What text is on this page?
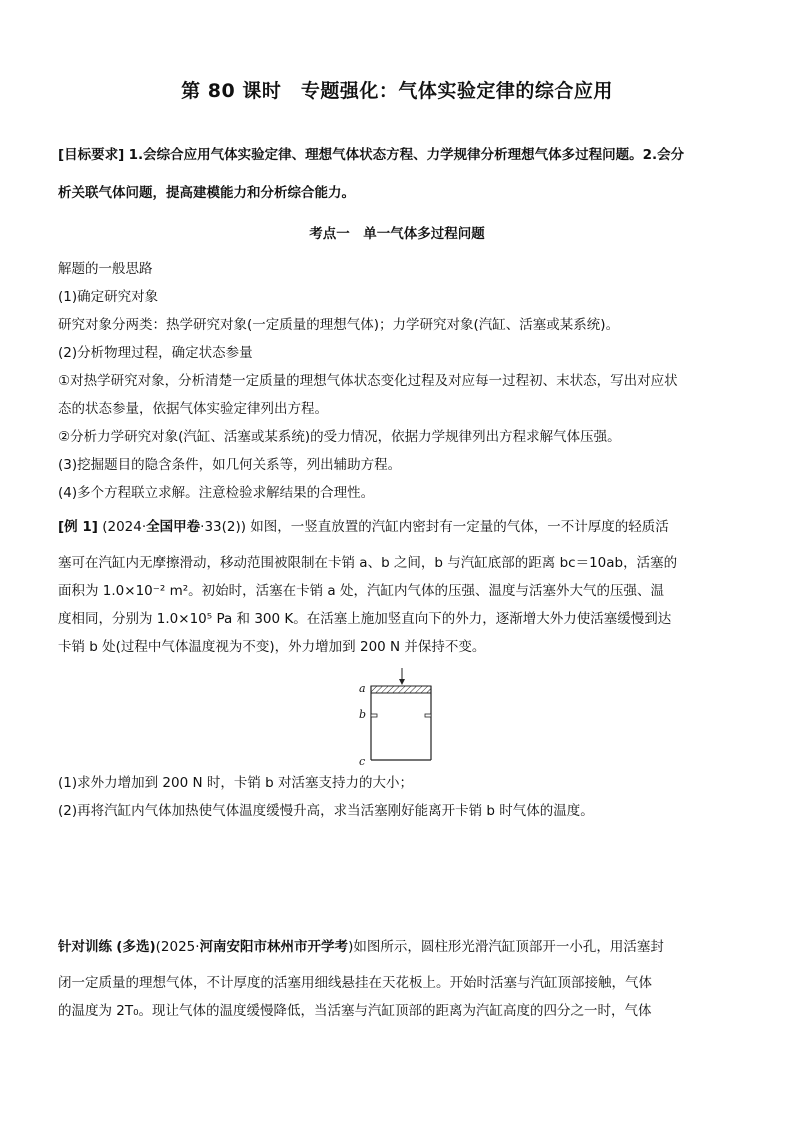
第 80 课时　专题强化：气体实验定律的综合应用
[目标要求] 1.会综合应用气体实验定律、理想气体状态方程、力学规律分析理想气体多过程问题。2.会分
析关联气体问题，提高建模能力和分析综合能力。
考点一　单一气体多过程问题
解题的一般思路
(1)确定研究对象
研究对象分两类：热学研究对象(一定质量的理想气体)；力学研究对象(汽缸、活塞或某系统)。
(2)分析物理过程，确定状态参量
①对热学研究对象，分析清楚一定质量的理想气体状态变化过程及对应每一过程初、末状态，写出对应状
态的状态参量，依据气体实验定律列出方程。
②分析力学研究对象(汽缸、活塞或某系统)的受力情况，依据力学规律列出方程求解气体压强。
(3)挖掘题目的隐含条件，如几何关系等，列出辅助方程。
(4)多个方程联立求解。注意检验求解结果的合理性。
[例 1] (2024·全国甲卷·33(2)) 如图，一竖直放置的汽缸内密封有一定量的气体，一不计厚度的轻质活
塞可在汽缸内无摩擦滑动，移动范围被限制在卡销 a、b 之间，b 与汽缸底部的距离 bc＝10ab，活塞的
面积为 1.0×10⁻² m²。初始时，活塞在卡销 a 处，汽缸内气体的压强、温度与活塞外大气的压强、温
度相同，分别为 1.0×10⁵ Pa 和 300 K。在活塞上施加竖直向下的外力，逐渐增大外力使活塞缓慢到达
卡销 b 处(过程中气体温度视为不变)，外力增加到 200 N 并保持不变。
a
b
c
(1)求外力增加到 200 N 时，卡销 b 对活塞支持力的大小；
(2)再将汽缸内气体加热使气体温度缓慢升高，求当活塞刚好能离开卡销 b 时气体的温度。
针对训练 (多选)(2025·河南安阳市林州市开学考)如图所示，圆柱形光滑汽缸顶部开一小孔，用活塞封
闭一定质量的理想气体，不计厚度的活塞用细线悬挂在天花板上。开始时活塞与汽缸顶部接触，气体
的温度为 2T₀。现让气体的温度缓慢降低，当活塞与汽缸顶部的距离为汽缸高度的四分之一时，气体
